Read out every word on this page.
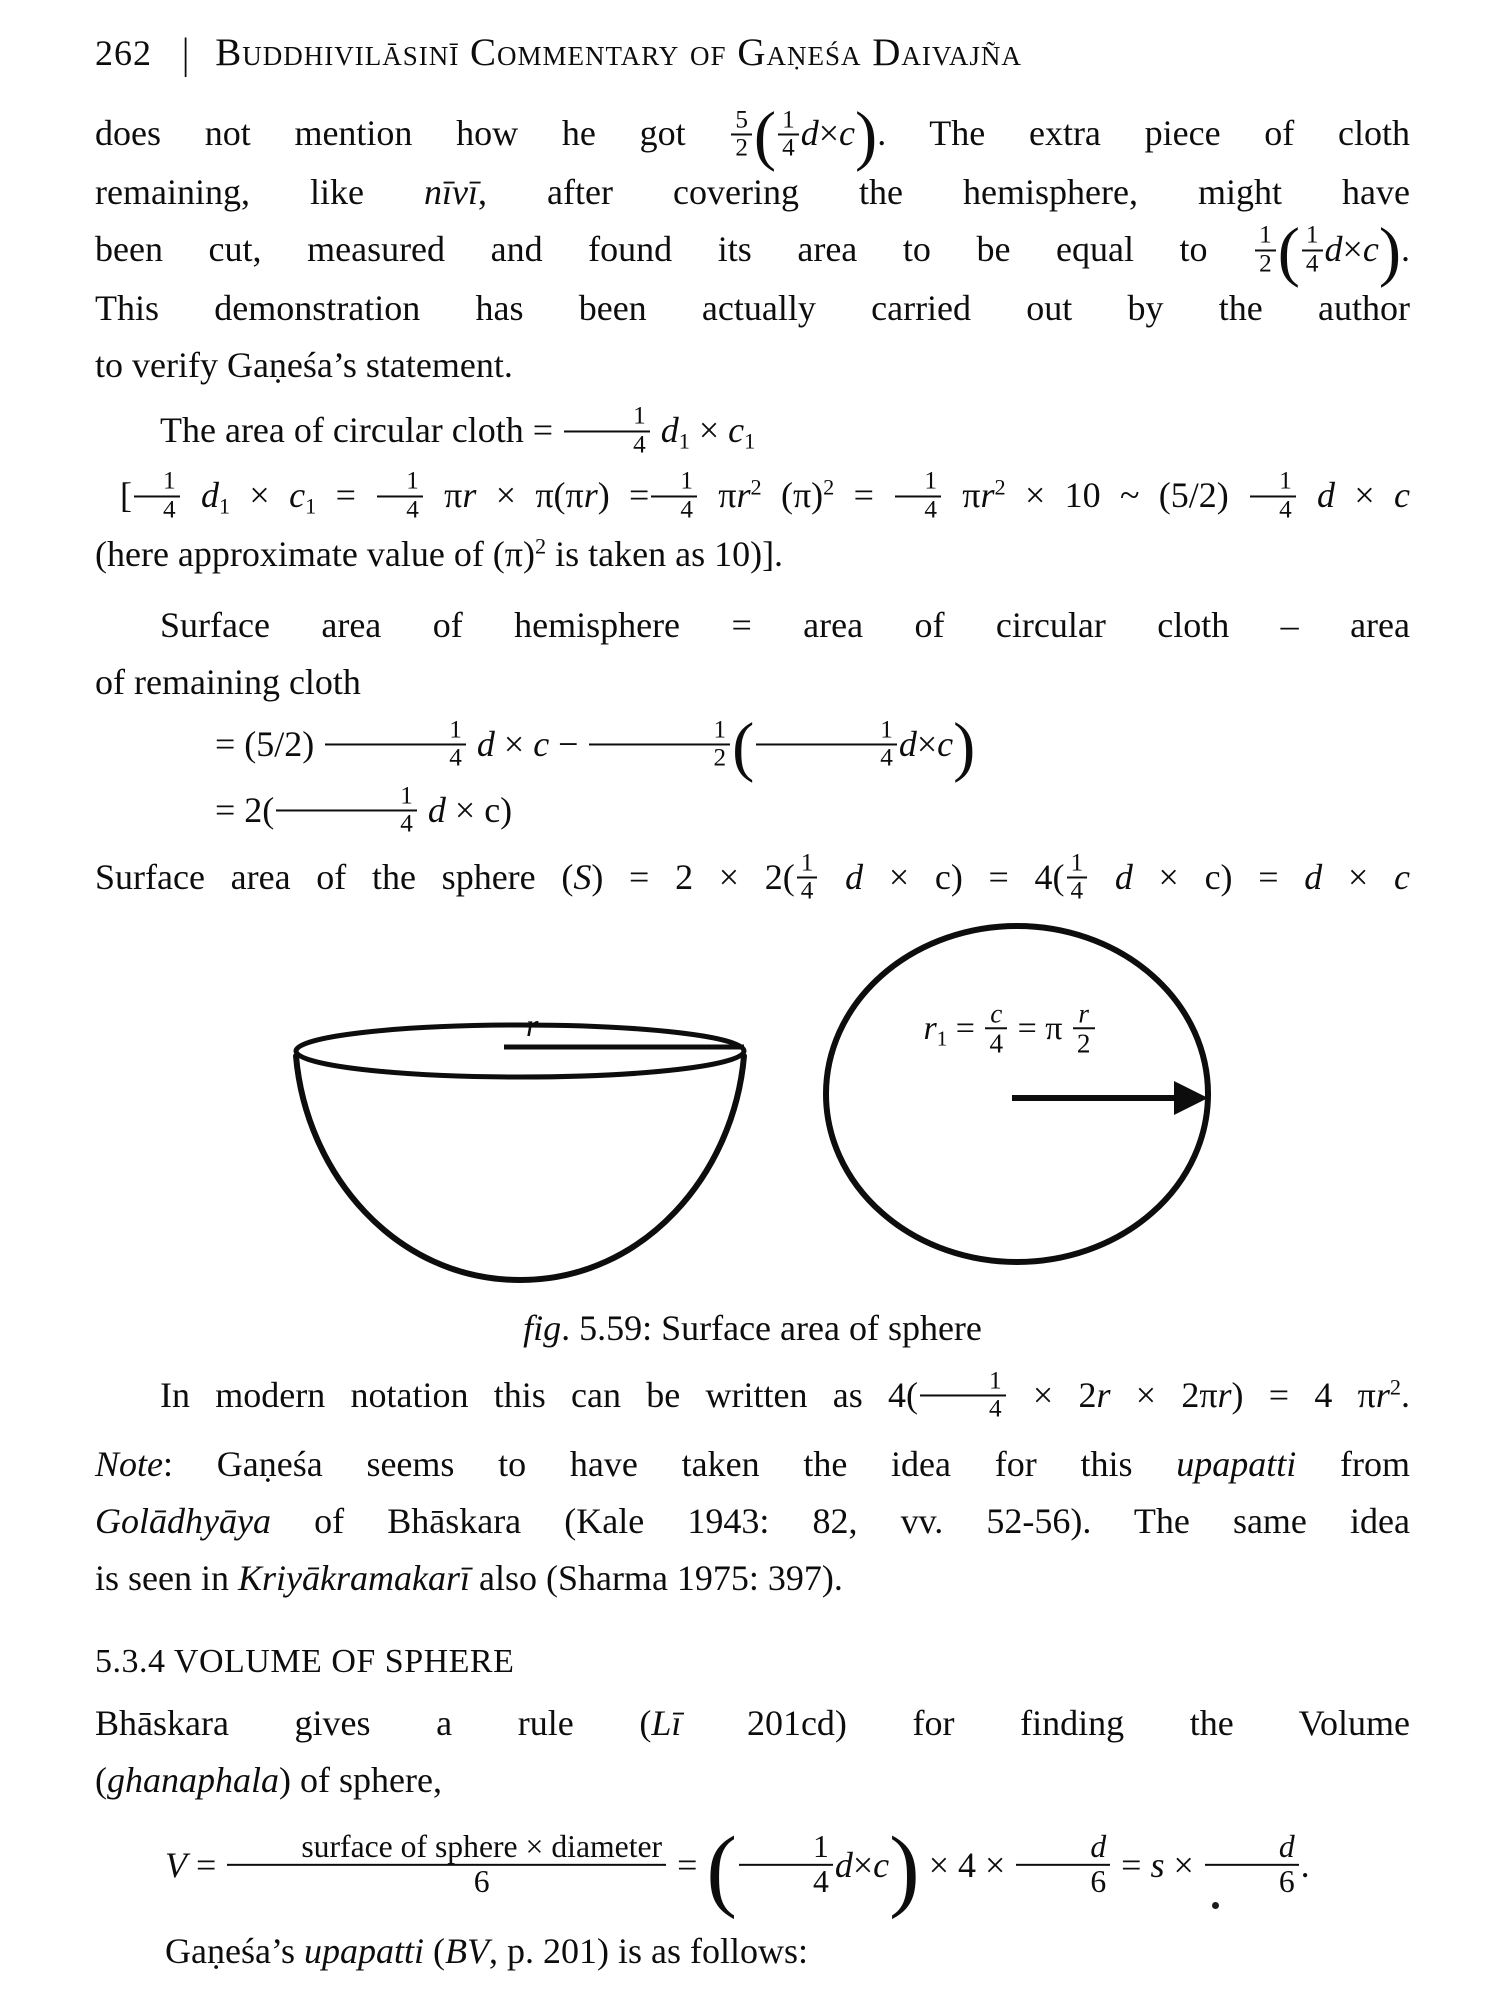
262 | Buddhivilāsinī Commentary of Gaṇeśa Daivajña

does not mention how he got $\frac{5}{2}$ ( $\frac{1}{4} d\times c$). The extra piece of cloth
remaining, like nīvī, after covering the hemisphere, might have
been cut, measured and found its area to be equal to $\frac{1}{2}$ ( $\frac{1}{4} d\times c$).
This demonstration has been actually carried out by the author
to verify Gaṇeśa’s statement.

The area of circular cloth = $\frac{1}{4} d_1 \times c_1$

[ $\frac{1}{4} d_1 \times c_1 = \frac{1}{4}$ $\pi r \times \pi(\pi r) = \frac{1}{4} \pi r^2$ $(\pi)^2 = \frac{1}{4} \pi r^2 \times 10$ ~ $(5/2) \frac{1}{4}$ d × c

(here approximate value of $(\pi)^2$ is taken as 10)].

Surface area of hemisphere = area of circular cloth – area

of remaining cloth

= $(5/2) \frac{1}{4}$ $d \times c - \frac{1}{2}$ ( $\frac{1}{4} d\times c$)

= $2( \frac{1}{4}$ d × c)

Surface area of the sphere $(S) = 2 \times 2( \frac{1}{4}$ $d \times c) = 4( \frac{1}{4}$ d × c) = d × c

r	$r_1 = \frac{c}{4} = \pi \frac{r}{2}$

fig. 5.59: Surface area of sphere

In modern notation this can be written as $4( \frac{1}{4} \times 2r \times 2\pi r) = 4$ $\pi r^2$.

Note: Gaṇeśa seems to have taken the idea for this upapatti from
Golādhyāya of Bhāskara (Kale 1943: 82, vv. 52-56). The same idea
is seen in Kriyākramakarī also (Sharma 1975: 397).

5.3.4 VOLUME OF SPHERE

Bhāskara gives a rule (Lī 201cd) for finding the Volume
(ghanaphala) of sphere,

$V = \frac{\text{surface of sphere × diameter}}{6}$ = ( $\frac{1}{4} d\times c) \times 4 \times \frac{d}{6} = s \times \frac{d}{6}$ .

Gaṇeśa’s upapatti (BV, p. 201) is as follows:
